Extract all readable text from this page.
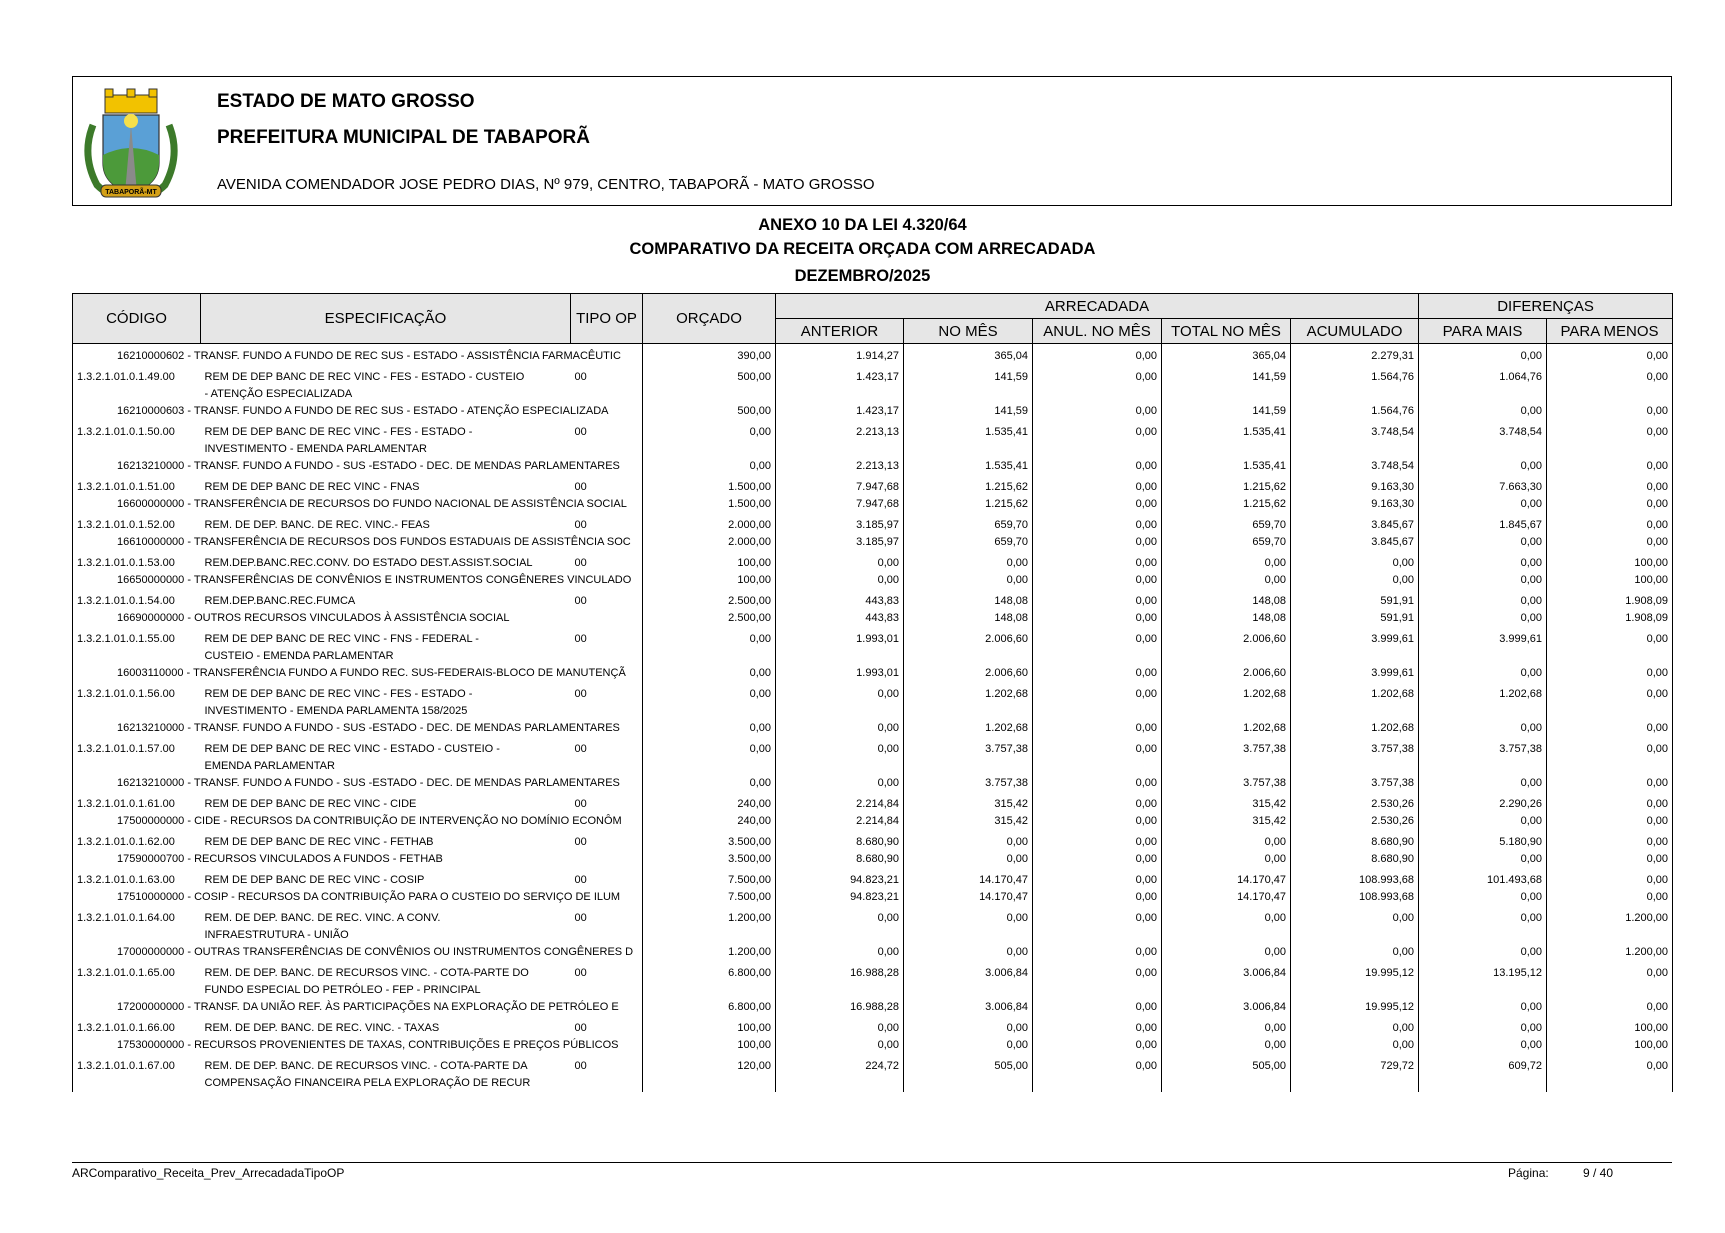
TABAPORÃ-MT
ESTADO DE MATO GROSSO
PREFEITURA MUNICIPAL DE TABAPORÃ
AVENIDA COMENDADOR JOSE PEDRO DIAS, Nº 979, CENTRO, TABAPORÃ - MATO GROSSO
ANEXO 10 DA LEI 4.320/64
COMPARATIVO DA RECEITA ORÇADA COM ARRECADADA
DEZEMBRO/2025
CÓDIGO	ESPECIFICAÇÃO	TIPO OP	ORÇADO	ARRECADADA					DIFERENÇAS	
				ANTERIOR	NO MÊS	ANUL. NO MÊS	TOTAL NO MÊS	ACUMULADO	PARA MAIS	PARA MENOS
16210000602 - TRANSF. FUNDO A FUNDO DE REC SUS - ESTADO - ASSISTÊNCIA FARMACÊUTIC			390,00	1.914,27	365,04	0,00	365,04	2.279,31	0,00	0,00
1.3.2.1.01.0.1.49.00	REM DE DEP BANC DE REC VINC - FES - ESTADO - CUSTEIO
- ATENÇÃO ESPECIALIZADA	00	500,00	1.423,17	141,59	0,00	141,59	1.564,76	1.064,76	0,00
16210000603 - TRANSF. FUNDO A FUNDO DE REC SUS - ESTADO - ATENÇÃO ESPECIALIZADA			500,00	1.423,17	141,59	0,00	141,59	1.564,76	0,00	0,00
1.3.2.1.01.0.1.50.00	REM DE DEP BANC DE REC VINC - FES - ESTADO -
INVESTIMENTO - EMENDA PARLAMENTAR	00	0,00	2.213,13	1.535,41	0,00	1.535,41	3.748,54	3.748,54	0,00
16213210000 - TRANSF. FUNDO A FUNDO - SUS -ESTADO - DEC. DE MENDAS PARLAMENTARES			0,00	2.213,13	1.535,41	0,00	1.535,41	3.748,54	0,00	0,00
1.3.2.1.01.0.1.51.00	REM DE DEP BANC DE REC VINC - FNAS	00	1.500,00	7.947,68	1.215,62	0,00	1.215,62	9.163,30	7.663,30	0,00
16600000000 - TRANSFERÊNCIA DE RECURSOS DO FUNDO NACIONAL DE ASSISTÊNCIA SOCIAL			1.500,00	7.947,68	1.215,62	0,00	1.215,62	9.163,30	0,00	0,00
1.3.2.1.01.0.1.52.00	REM. DE DEP. BANC. DE REC. VINC.- FEAS	00	2.000,00	3.185,97	659,70	0,00	659,70	3.845,67	1.845,67	0,00
16610000000 - TRANSFERÊNCIA DE RECURSOS DOS FUNDOS ESTADUAIS DE ASSISTÊNCIA SOC			2.000,00	3.185,97	659,70	0,00	659,70	3.845,67	0,00	0,00
1.3.2.1.01.0.1.53.00	REM.DEP.BANC.REC.CONV. DO ESTADO DEST.ASSIST.SOCIAL	00	100,00	0,00	0,00	0,00	0,00	0,00	0,00	100,00
16650000000 - TRANSFERÊNCIAS DE CONVÊNIOS E INSTRUMENTOS CONGÊNERES VINCULADO			100,00	0,00	0,00	0,00	0,00	0,00	0,00	100,00
1.3.2.1.01.0.1.54.00	REM.DEP.BANC.REC.FUMCA	00	2.500,00	443,83	148,08	0,00	148,08	591,91	0,00	1.908,09
16690000000 - OUTROS RECURSOS VINCULADOS À ASSISTÊNCIA SOCIAL			2.500,00	443,83	148,08	0,00	148,08	591,91	0,00	1.908,09
1.3.2.1.01.0.1.55.00	REM DE DEP BANC DE REC VINC - FNS - FEDERAL -
CUSTEIO - EMENDA PARLAMENTAR	00	0,00	1.993,01	2.006,60	0,00	2.006,60	3.999,61	3.999,61	0,00
16003110000 - TRANSFERÊNCIA FUNDO A FUNDO REC. SUS-FEDERAIS-BLOCO DE MANUTENÇÃ			0,00	1.993,01	2.006,60	0,00	2.006,60	3.999,61	0,00	0,00
1.3.2.1.01.0.1.56.00	REM DE DEP BANC DE REC VINC - FES - ESTADO -
INVESTIMENTO - EMENDA PARLAMENTA 158/2025	00	0,00	0,00	1.202,68	0,00	1.202,68	1.202,68	1.202,68	0,00
16213210000 - TRANSF. FUNDO A FUNDO - SUS -ESTADO - DEC. DE MENDAS PARLAMENTARES			0,00	0,00	1.202,68	0,00	1.202,68	1.202,68	0,00	0,00
1.3.2.1.01.0.1.57.00	REM DE DEP BANC DE REC VINC - ESTADO - CUSTEIO -
EMENDA PARLAMENTAR	00	0,00	0,00	3.757,38	0,00	3.757,38	3.757,38	3.757,38	0,00
16213210000 - TRANSF. FUNDO A FUNDO - SUS -ESTADO - DEC. DE MENDAS PARLAMENTARES			0,00	0,00	3.757,38	0,00	3.757,38	3.757,38	0,00	0,00
1.3.2.1.01.0.1.61.00	REM DE DEP BANC DE REC VINC - CIDE	00	240,00	2.214,84	315,42	0,00	315,42	2.530,26	2.290,26	0,00
17500000000 - CIDE - RECURSOS DA CONTRIBUIÇÃO DE INTERVENÇÃO NO DOMÍNIO ECONÔM			240,00	2.214,84	315,42	0,00	315,42	2.530,26	0,00	0,00
1.3.2.1.01.0.1.62.00	REM DE DEP BANC DE REC VINC - FETHAB	00	3.500,00	8.680,90	0,00	0,00	0,00	8.680,90	5.180,90	0,00
17590000700 - RECURSOS VINCULADOS A FUNDOS - FETHAB			3.500,00	8.680,90	0,00	0,00	0,00	8.680,90	0,00	0,00
1.3.2.1.01.0.1.63.00	REM DE DEP BANC DE REC VINC - COSIP	00	7.500,00	94.823,21	14.170,47	0,00	14.170,47	108.993,68	101.493,68	0,00
17510000000 - COSIP - RECURSOS DA CONTRIBUIÇÃO PARA O CUSTEIO DO SERVIÇO DE ILUM			7.500,00	94.823,21	14.170,47	0,00	14.170,47	108.993,68	0,00	0,00
1.3.2.1.01.0.1.64.00	REM. DE DEP. BANC. DE REC. VINC. A CONV.
INFRAESTRUTURA - UNIÃO	00	1.200,00	0,00	0,00	0,00	0,00	0,00	0,00	1.200,00
17000000000 - OUTRAS TRANSFERÊNCIAS DE CONVÊNIOS OU INSTRUMENTOS CONGÊNERES D			1.200,00	0,00	0,00	0,00	0,00	0,00	0,00	1.200,00
1.3.2.1.01.0.1.65.00	REM. DE DEP. BANC. DE RECURSOS VINC. - COTA-PARTE DO
FUNDO ESPECIAL DO PETRÓLEO - FEP - PRINCIPAL	00	6.800,00	16.988,28	3.006,84	0,00	3.006,84	19.995,12	13.195,12	0,00
17200000000 - TRANSF. DA UNIÃO REF. ÀS PARTICIPAÇÕES NA EXPLORAÇÃO DE PETRÓLEO E			6.800,00	16.988,28	3.006,84	0,00	3.006,84	19.995,12	0,00	0,00
1.3.2.1.01.0.1.66.00	REM. DE DEP. BANC. DE REC. VINC. - TAXAS	00	100,00	0,00	0,00	0,00	0,00	0,00	0,00	100,00
17530000000 - RECURSOS PROVENIENTES DE TAXAS, CONTRIBUIÇÕES E PREÇOS PÚBLICOS			100,00	0,00	0,00	0,00	0,00	0,00	0,00	100,00
1.3.2.1.01.0.1.67.00	REM. DE DEP. BANC. DE RECURSOS VINC. - COTA-PARTE DA
COMPENSAÇÃO FINANCEIRA PELA EXPLORAÇÃO DE RECUR	00	120,00	224,72	505,00	0,00	505,00	729,72	609,72	0,00
ARComparativo_Receita_Prev_ArrecadadaTipoOP	Página:	9 / 40
